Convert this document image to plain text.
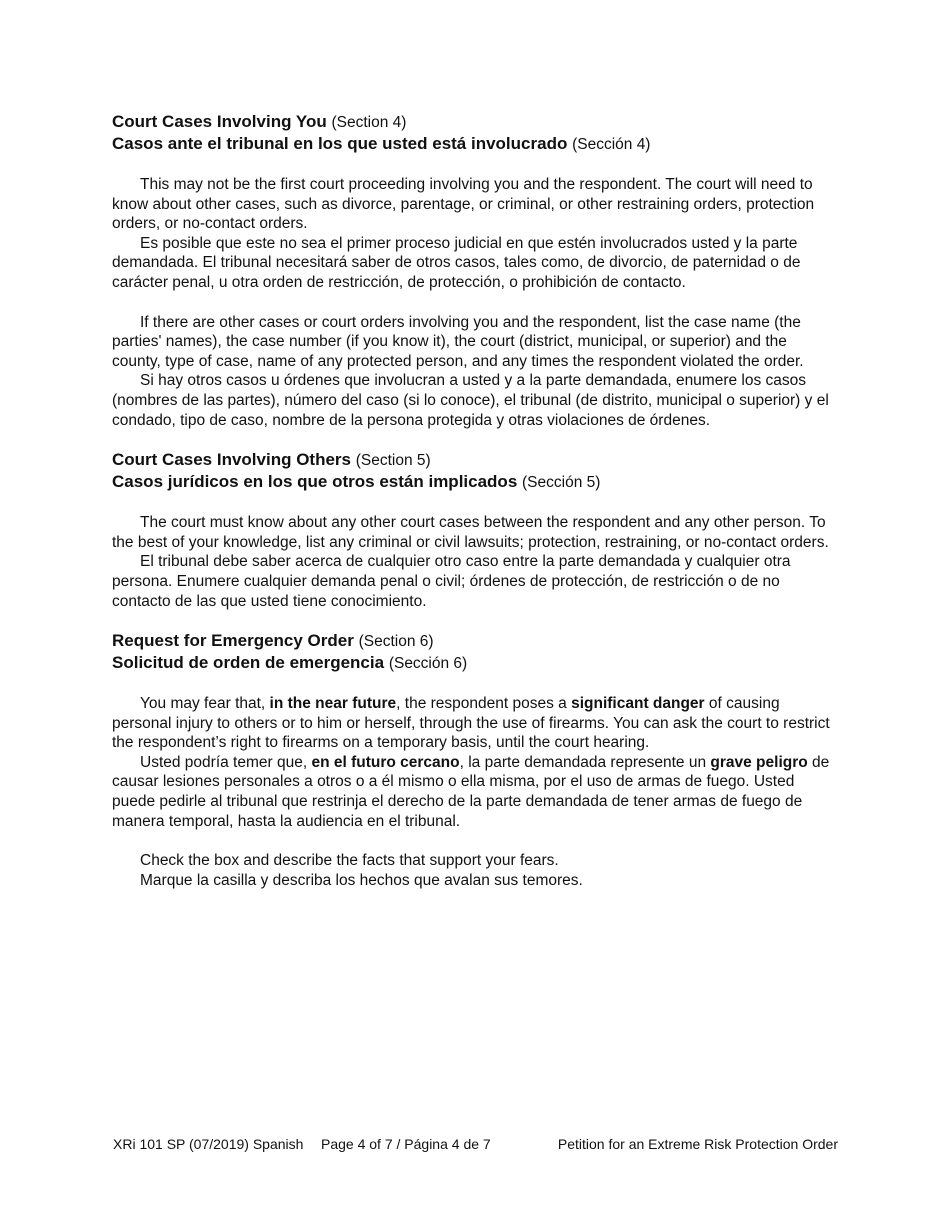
Court Cases Involving You (Section 4)
Casos ante el tribunal en los que usted está involucrado (Sección 4)

This may not be the first court proceeding involving you and the respondent. The court will need to know about other cases, such as divorce, parentage, or criminal, or other restraining orders, protection orders, or no-contact orders.

Es posible que este no sea el primer proceso judicial en que estén involucrados usted y la parte demandada. El tribunal necesitará saber de otros casos, tales como, de divorcio, de paternidad o de carácter penal, u otra orden de restricción, de protección, o prohibición de contacto.

If there are other cases or court orders involving you and the respondent, list the case name (the parties' names), the case number (if you know it), the court (district, municipal, or superior) and the county, type of case, name of any protected person, and any times the respondent violated the order.

Si hay otros casos u órdenes que involucran a usted y a la parte demandada, enumere los casos (nombres de las partes), número del caso (si lo conoce), el tribunal (de distrito, municipal o superior) y el condado, tipo de caso, nombre de la persona protegida y otras violaciones de órdenes.

Court Cases Involving Others (Section 5)
Casos jurídicos en los que otros están implicados (Sección 5)

The court must know about any other court cases between the respondent and any other person. To the best of your knowledge, list any criminal or civil lawsuits; protection, restraining, or no-contact orders.

El tribunal debe saber acerca de cualquier otro caso entre la parte demandada y cualquier otra persona. Enumere cualquier demanda penal o civil; órdenes de protección, de restricción o de no contacto de las que usted tiene conocimiento.

Request for Emergency Order (Section 6)
Solicitud de orden de emergencia (Sección 6)

You may fear that, in the near future, the respondent poses a significant danger of causing personal injury to others or to him or herself, through the use of firearms. You can ask the court to restrict the respondent’s right to firearms on a temporary basis, until the court hearing.

Usted podría temer que, en el futuro cercano, la parte demandada represente un grave peligro de causar lesiones personales a otros o a él mismo o ella misma, por el uso de armas de fuego. Usted puede pedirle al tribunal que restrinja el derecho de la parte demandada de tener armas de fuego de manera temporal, hasta la audiencia en el tribunal.

Check the box and describe the facts that support your fears.

Marque la casilla y describa los hechos que avalan sus temores.

XRi 101 SP (07/2019) Spanish Page 4 of 7 / Página 4 de 7	Petition for an Extreme Risk Protection Order
